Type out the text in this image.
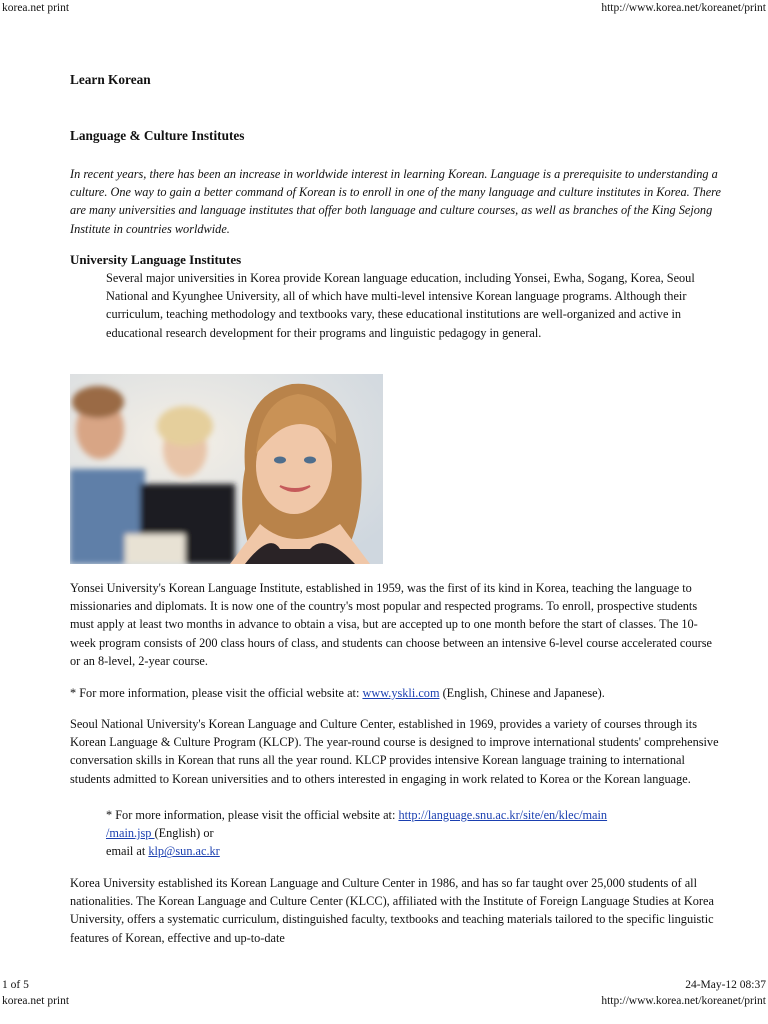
korea.net print	http://www.korea.net/koreanet/print
Learn Korean
Language & Culture Institutes
In recent years, there has been an increase in worldwide interest in learning Korean. Language is a prerequisite to understanding a culture. One way to gain a better command of Korean is to enroll in one of the many language and culture institutes in Korea. There are many universities and language institutes that offer both language and culture courses, as well as branches of the King Sejong Institute in countries worldwide.
University Language Institutes
Several major universities in Korea provide Korean language education, including Yonsei, Ewha, Sogang, Korea, Seoul National and Kyunghee University, all of which have multi-level intensive Korean language programs. Although their curriculum, teaching methodology and textbooks vary, these educational institutions are well-organized and active in educational research development for their programs and linguistic pedagogy in general.
Yonsei University's Korean Language Institute, established in 1959, was the first of its kind in Korea, teaching the language to missionaries and diplomats. It is now one of the country's most popular and respected programs. To enroll, prospective students must apply at least two months in advance to obtain a visa, but are accepted up to one month before the start of classes. The 10-week program consists of 200 class hours of class, and students can choose between an intensive 6-level course accelerated course or an 8-level, 2-year course.
* For more information, please visit the official website at: www.yskli.com (English, Chinese and Japanese).
Seoul National University's Korean Language and Culture Center, established in 1969, provides a variety of courses through its Korean Language & Culture Program (KLCP). The year-round course is designed to improve international students' comprehensive conversation skills in Korean that runs all the year round. KLCP provides intensive Korean language training to international students admitted to Korean universities and to others interested in engaging in work related to Korea or the Korean language.
* For more information, please visit the official website at: http://language.snu.ac.kr/site/en/klec/main
/main.jsp (English) or
email at klp@sun.ac.kr
Korea University established its Korean Language and Culture Center in 1986, and has so far taught over 25,000 students of all nationalities. The Korean Language and Culture Center (KLCC), affiliated with the Institute of Foreign Language Studies at Korea University, offers a systematic curriculum, distinguished faculty, textbooks and teaching materials tailored to the specific linguistic features of Korean, effective and up-to-date
1 of 5	24-May-12 08:37
korea.net print	http://www.korea.net/koreanet/print
